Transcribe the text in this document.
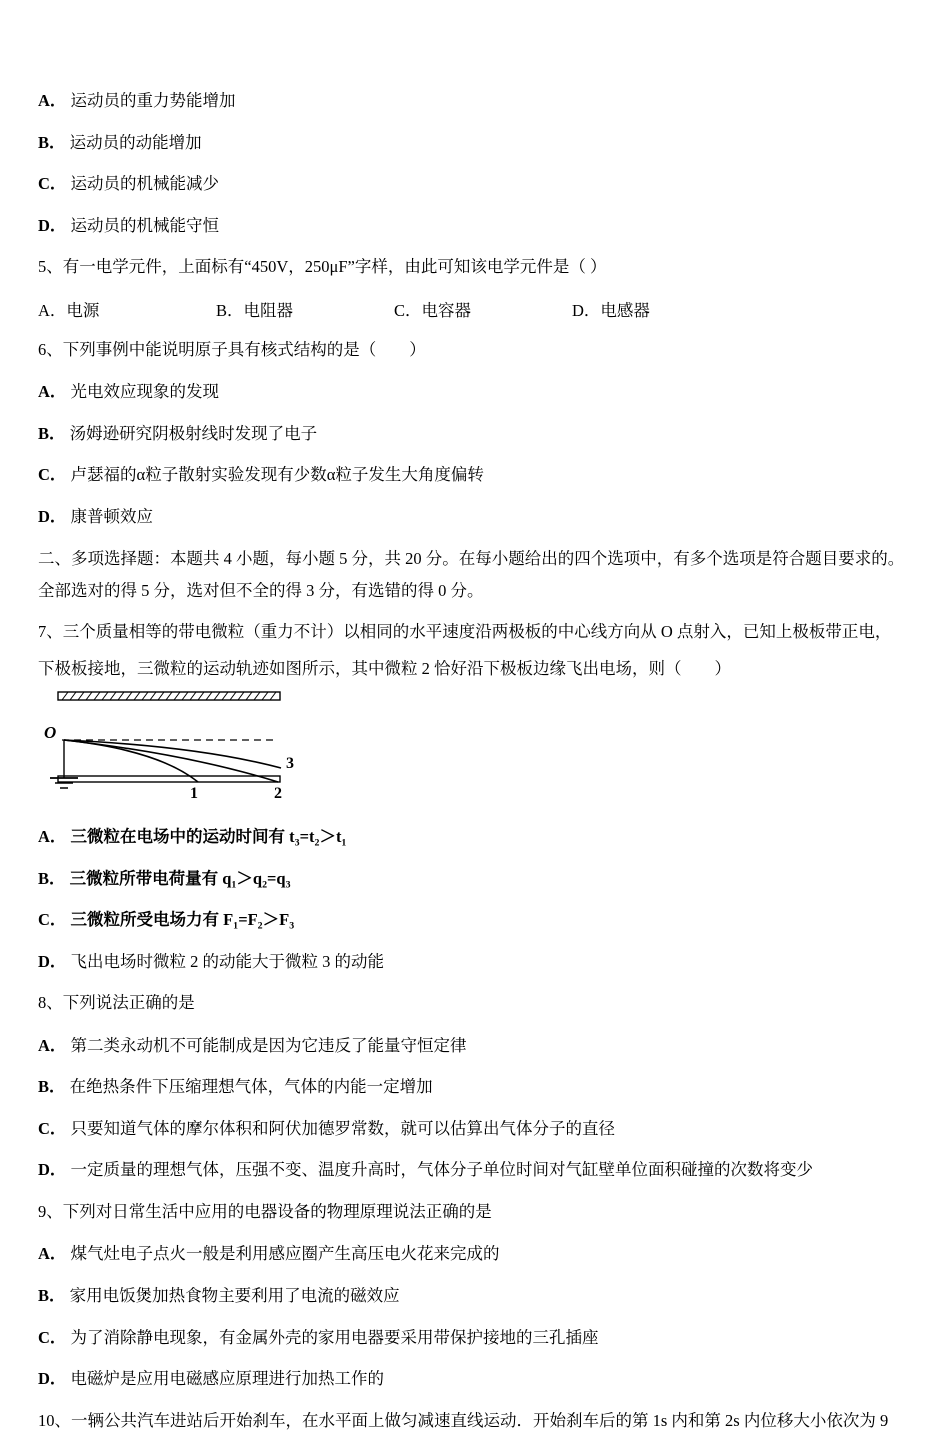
A． 运动员的重力势能增加
B． 运动员的动能增加
C． 运动员的机械能减少
D． 运动员的机械能守恒
5、有一电学元件，上面标有“450V，250μF”字样，由此可知该电学元件是（ ）
A．电源	B．电阻器	C．电容器	D．电感器
6、下列事例中能说明原子具有核式结构的是（　　）
A． 光电效应现象的发现
B． 汤姆逊研究阴极射线时发现了电子
C． 卢瑟福的α粒子散射实验发现有少数α粒子发生大角度偏转
D． 康普顿效应
二、多项选择题：本题共 4 小题，每小题 5 分，共 20 分。在每小题给出的四个选项中，有多个选项是符合题目要求的。
全部选对的得 5 分，选对但不全的得 3 分，有选错的得 0 分。
7、三个质量相等的带电微粒（重力不计）以相同的水平速度沿两极板的中心线方向从 O 点射入，已知上极板带正电，
下极板接地，三微粒的运动轨迹如图所示，其中微粒 2 恰好沿下极板边缘飞出电场，则（　　）
O
1	2
3
A． 三微粒在电场中的运动时间有 t₃=t₂＞t₁
B． 三微粒所带电荷量有 q₁＞q₂=q₃
C． 三微粒所受电场力有 F₁=F₂＞F₃
D． 飞出电场时微粒 2 的动能大于微粒 3 的动能
8、下列说法正确的是
A． 第二类永动机不可能制成是因为它违反了能量守恒定律
B． 在绝热条件下压缩理想气体，气体的内能一定增加
C． 只要知道气体的摩尔体积和阿伏加德罗常数，就可以估算出气体分子的直径
D． 一定质量的理想气体，压强不变、温度升高时，气体分子单位时间对气缸壁单位面积碰撞的次数将变少
9、下列对日常生活中应用的电器设备的物理原理说法正确的是
A． 煤气灶电子点火一般是利用感应圈产生高压电火花来完成的
B． 家用电饭煲加热食物主要利用了电流的磁效应
C． 为了消除静电现象，有金属外壳的家用电器要采用带保护接地的三孔插座
D． 电磁炉是应用电磁感应原理进行加热工作的
10、一辆公共汽车进站后开始刹车，在水平面上做匀减速直线运动．开始刹车后的第 1s 内和第 2s 内位移大小依次为 9
